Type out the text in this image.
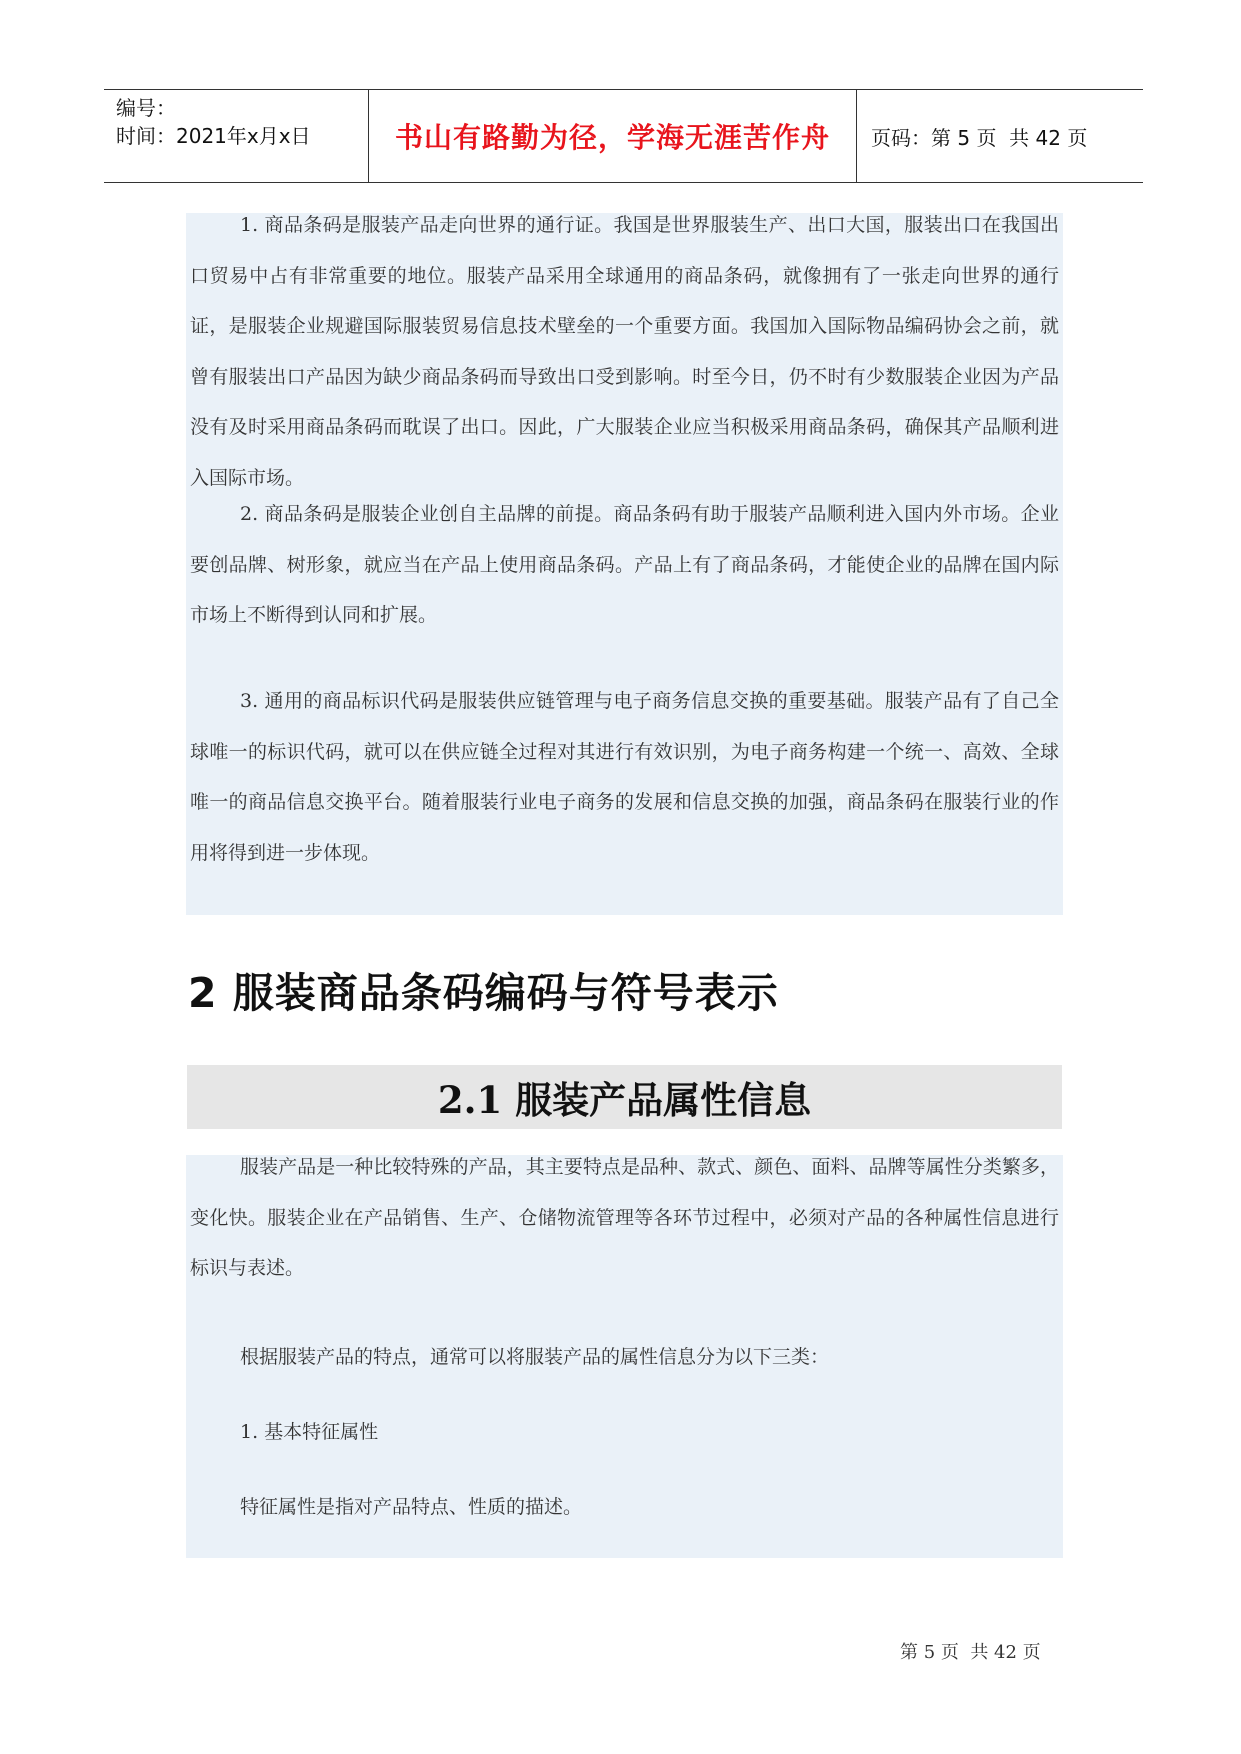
编号：
时间：2021年x月x日	书山有路勤为径，学海无涯苦作舟 页码：第 5 页  共 42 页

1. 商品条码是服装产品走向世界的通行证。我国是世界服装生产、出口大国，服装出口在我国出口贸易中占有非常重要的地位。服装产品采用全球通用的商品条码，就像拥有了一张走向世界的通行证，是服装企业规避国际服装贸易信息技术壁垒的一个重要方面。我国加入国际物品编码协会之前，就曾有服装出口产品因为缺少商品条码而导致出口受到影响。时至今日，仍不时有少数服装企业因为产品没有及时采用商品条码而耽误了出口。因此，广大服装企业应当积极采用商品条码，确保其产品顺利进入国际市场。

2. 商品条码是服装企业创自主品牌的前提。商品条码有助于服装产品顺利进入国内外市场。企业要创品牌、树形象，就应当在产品上使用商品条码。产品上有了商品条码，才能使企业的品牌在国内际市场上不断得到认同和扩展。

3. 通用的商品标识代码是服装供应链管理与电子商务信息交换的重要基础。服装产品有了自己全球唯一的标识代码，就可以在供应链全过程对其进行有效识别，为电子商务构建一个统一、高效、全球唯一的商品信息交换平台。随着服装行业电子商务的发展和信息交换的加强，商品条码在服装行业的作用将得到进一步体现。

2 服装商品条码编码与符号表示
2.1 服装产品属性信息

服装产品是一种比较特殊的产品，其主要特点是品种、款式、颜色、面料、品牌等属性分类繁多，变化快。服装企业在产品销售、生产、仓储物流管理等各环节过程中，必须对产品的各种属性信息进行标识与表述。

根据服装产品的特点，通常可以将服装产品的属性信息分为以下三类：

1. 基本特征属性

特征属性是指对产品特点、性质的描述。

第 5 页  共 42 页
